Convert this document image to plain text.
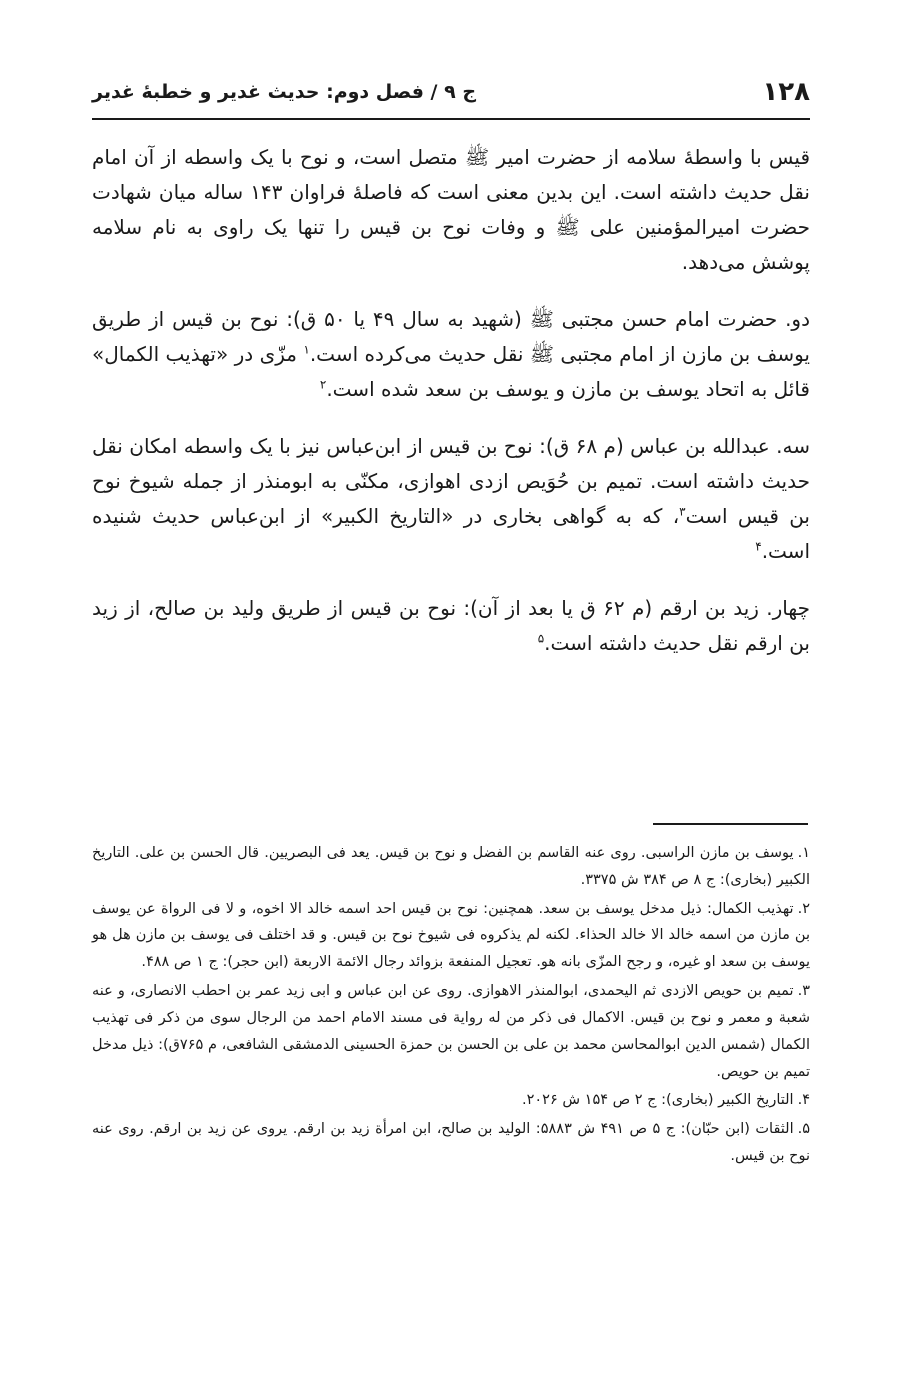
۱۲۸
ج ۹ / فصل دوم: حدیث غدیر و خطبۀ غدیر

قیس با واسطۀ سلامه از حضرت امیر ﷺ متصل است، و نوح با یک واسطه از آن امام نقل حدیث داشته است. این بدین معنی است که فاصلۀ فراوان ۱۴۳ ساله میان شهادت حضرت امیرالمؤمنین علی ﷺ و وفات نوح بن قیس را تنها یک راوی به نام سلامه پوشش می‌دهد.

دو. حضرت امام حسن مجتبی ﷺ (شهید به سال ۴۹ یا ۵۰ ق): نوح بن قیس از طریق یوسف بن مازن از امام مجتبی ﷺ نقل حدیث می‌کرده است.$^۱$ مزّی در «تهذیب الکمال» قائل به اتحاد یوسف بن مازن و یوسف بن سعد شده است.$^۲$

سه. عبدالله بن عباس (م ۶۸ ق): نوح بن قیس از ابن‌عباس نیز با یک واسطه امکان نقل حدیث داشته است. تمیم بن حُوَیص ازدی اهوازی، مکنّی به ابومنذر از جمله شیوخ نوح بن قیس است$^۳$، که به گواهی بخاری در «التاریخ الکبیر» از ابن‌عباس حدیث شنیده است.$^۴$

چهار. زید بن ارقم (م ۶۲ ق یا بعد از آن): نوح بن قیس از طریق ولید بن صالح، از زید بن ارقم نقل حدیث داشته است.$^۵$

۱.یوسف بن مازن الراسبی. روی عنه القاسم بن الفضل و نوح بن قیس. یعد فی البصریین. قال الحسن بن علی. التاریخ الکبیر (بخاری): ج ۸ ص ۳۸۴ ش ۳۳۷۵.
۲.تهذیب الکمال: ذیل مدخل یوسف بن سعد. همچنین: نوح بن قیس احد اسمه خالد الا اخوه، و لا فی الرواة عن یوسف بن مازن من اسمه خالد الا خالد الحذاء. لکنه لم یذکروه فی شیوخ نوح بن قیس. و قد اختلف فی یوسف بن مازن هل هو یوسف بن سعد او غیره، و رجح المزّی بانه هو. تعجیل المنفعة بزوائد رجال الائمة الاربعة (ابن حجر): ج ۱ ص ۴۸۸.
۳.تمیم بن حویص الازدی ثم الیحمدی، ابوالمنذر الاهوازی. روی عن ابن عباس و ابی زید عمر بن احطب الانصاری، و عنه شعبة و معمر و نوح بن قیس. الاکمال فی ذکر من له روایة فی مسند الامام احمد من الرجال سوی من ذکر فی تهذیب الکمال (شمس الدین ابوالمحاسن محمد بن علی بن الحسن بن حمزة الحسینی الدمشقی الشافعی، م ۷۶۵ق): ذیل مدخل تمیم بن حویص.
۴.التاریخ الکبیر (بخاری): ج ۲ ص ۱۵۴ ش ۲۰۲۶.
۵.الثقات (ابن حبّان): ج ۵ ص ۴۹۱ ش ۵۸۸۳: الولید بن صالح، ابن امرأة زید بن ارقم. یروی عن زید بن ارقم. روی عنه نوح بن قیس.
